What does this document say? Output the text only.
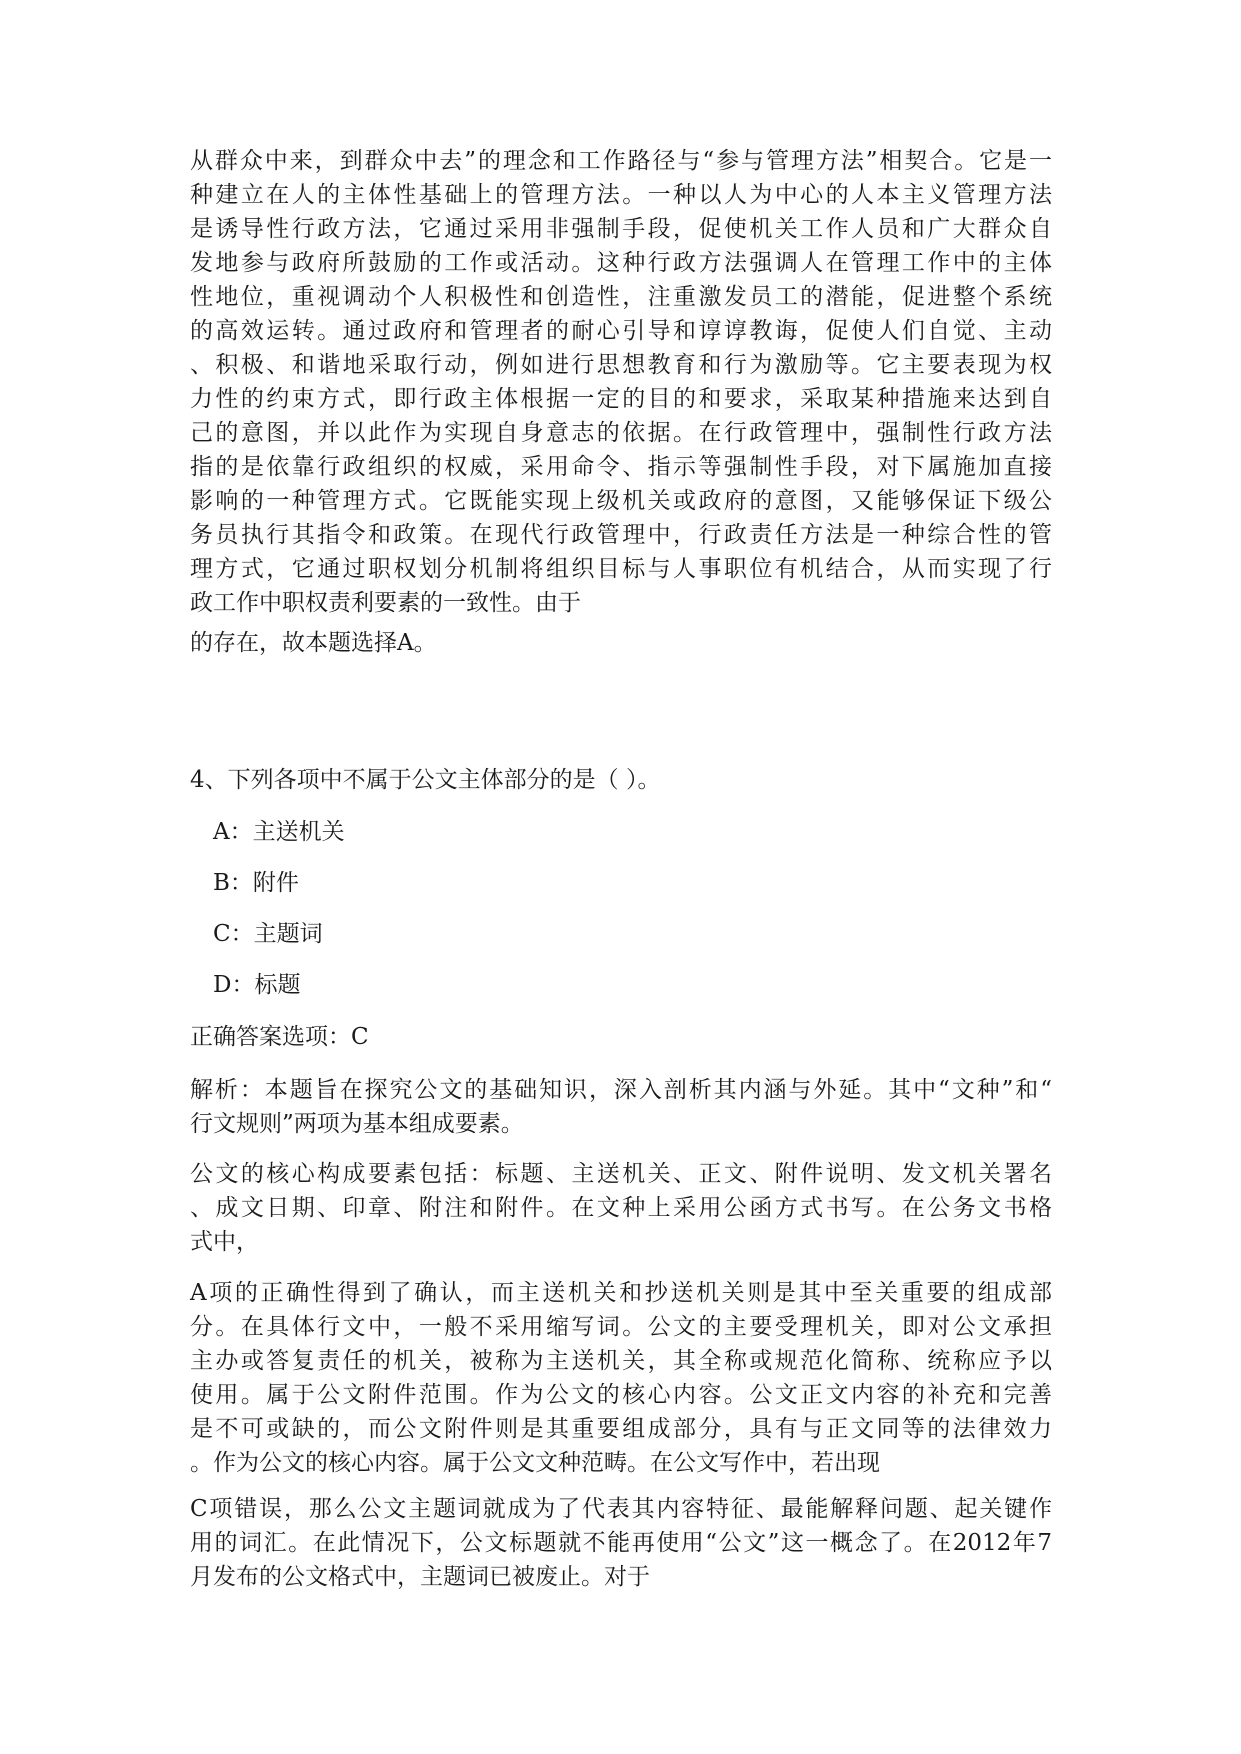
从群众中来，到群众中去”的理念和工作路径与“参与管理方法”相契合。它是一
种建立在人的主体性基础上的管理方法。一种以人为中心的人本主义管理方法
是诱导性行政方法，它通过采用非强制手段，促使机关工作人员和广大群众自
发地参与政府所鼓励的工作或活动。这种行政方法强调人在管理工作中的主体
性地位，重视调动个人积极性和创造性，注重激发员工的潜能，促进整个系统
的高效运转。通过政府和管理者的耐心引导和谆谆教诲，促使人们自觉、主动
、积极、和谐地采取行动，例如进行思想教育和行为激励等。它主要表现为权
力性的约束方式，即行政主体根据一定的目的和要求，采取某种措施来达到自
己的意图，并以此作为实现自身意志的依据。在行政管理中，强制性行政方法
指的是依靠行政组织的权威，采用命令、指示等强制性手段，对下属施加直接
影响的一种管理方式。它既能实现上级机关或政府的意图，又能够保证下级公
务员执行其指令和政策。在现代行政管理中，行政责任方法是一种综合性的管
理方式，它通过职权划分机制将组织目标与人事职位有机结合，从而实现了行
政工作中职权责利要素的一致性。由于
的存在，故本题选择A。
4、下列各项中不属于公文主体部分的是（ ）。
A：主送机关
B：附件
C：主题词
D：标题
正确答案选项：C
解析：本题旨在探究公文的基础知识，深入剖析其内涵与外延。其中“文种”和“
行文规则”两项为基本组成要素。
公文的核心构成要素包括：标题、主送机关、正文、附件说明、发文机关署名
、成文日期、印章、附注和附件。在文种上采用公函方式书写。在公务文书格
式中，
A项的正确性得到了确认，而主送机关和抄送机关则是其中至关重要的组成部
分。在具体行文中，一般不采用缩写词。公文的主要受理机关，即对公文承担
主办或答复责任的机关，被称为主送机关，其全称或规范化简称、统称应予以
使用。属于公文附件范围。作为公文的核心内容。公文正文内容的补充和完善
是不可或缺的，而公文附件则是其重要组成部分，具有与正文同等的法律效力
。作为公文的核心内容。属于公文文种范畴。在公文写作中，若出现
C项错误，那么公文主题词就成为了代表其内容特征、最能解释问题、起关键作
用的词汇。在此情况下，公文标题就不能再使用“公文”这一概念了。在2012年7
月发布的公文格式中，主题词已被废止。对于
